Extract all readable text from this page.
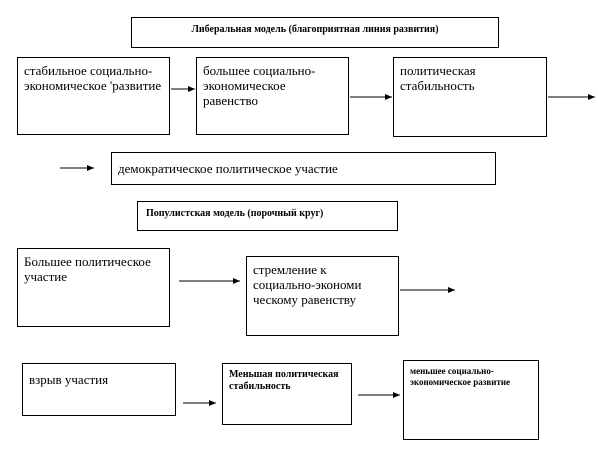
Либеральная модель (благоприятная линия развития)
стабильное социально-экономическое 'развитие
большее социально-экономическое равенство
политическая стабильность
демократическое политическое участие
Популистская модель (порочный круг)
Большее политическое участие	стремление к социально-экономи ческому равенству
взрыв участия	Меньшая политическая стабильность
меньшее социально-экономическое развитие
